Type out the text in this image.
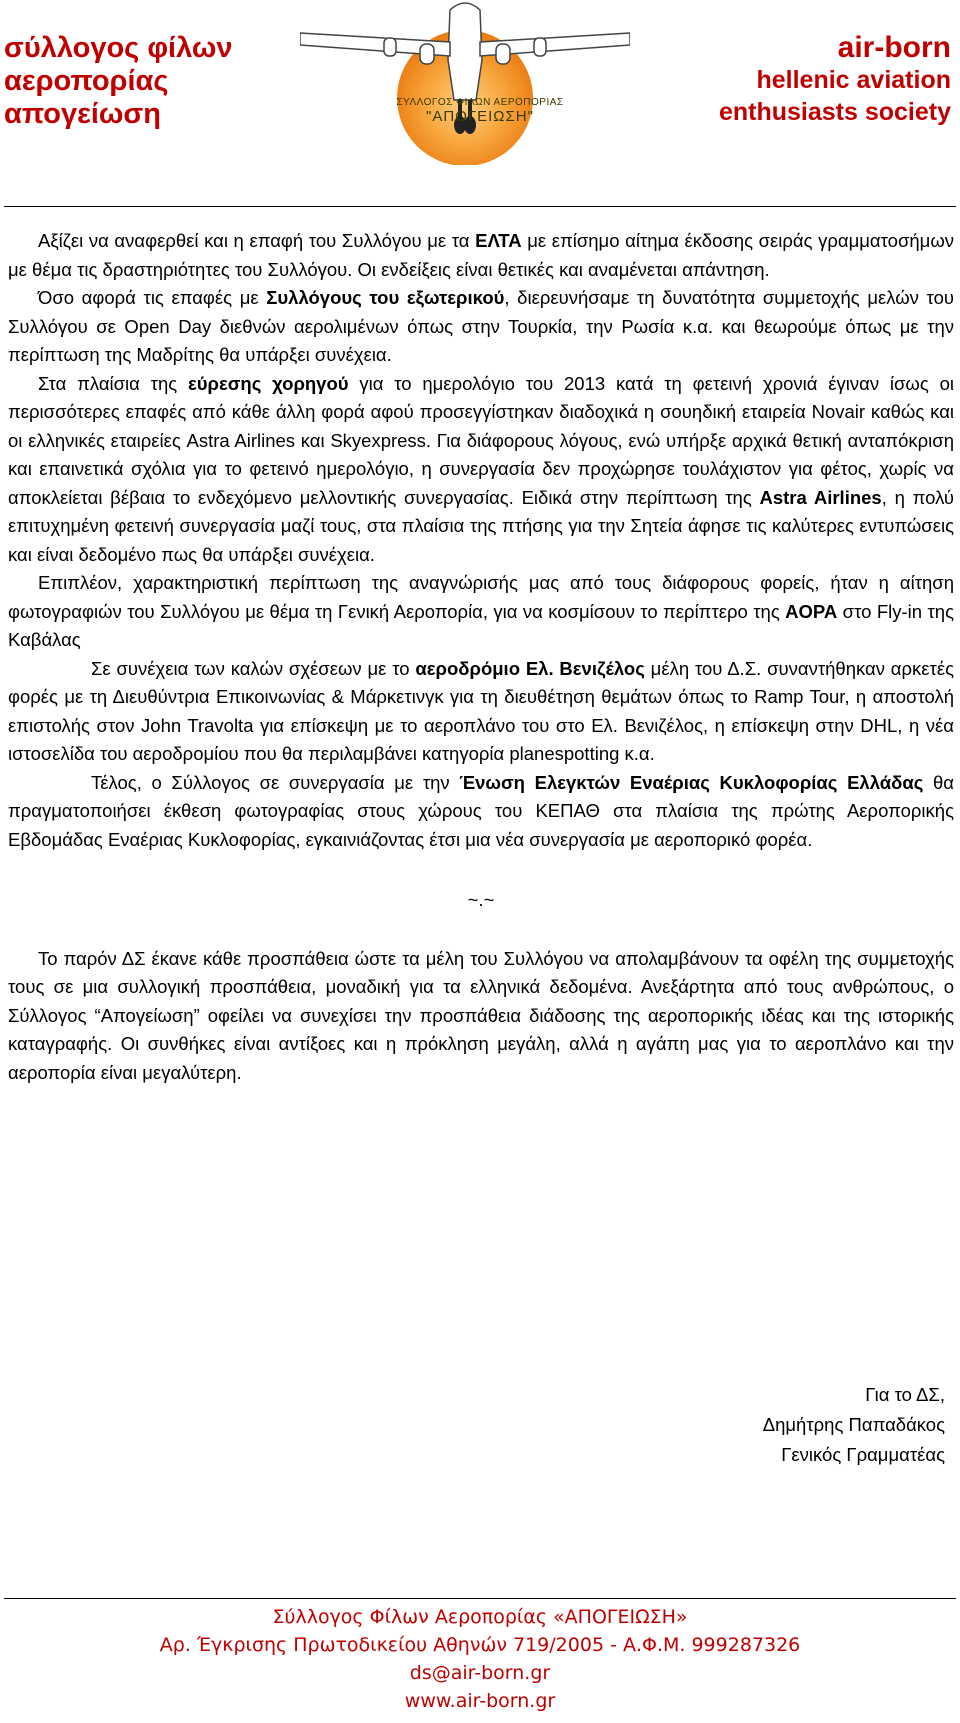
σύλλογος φίλων
αεροπορίας
απογείωση	ΣΥΛΛΟΓΟΣ ΦΙΛΩΝ ΑΕΡΟΠΟΡΙΑΣ
"ΑΠΟΓΕΙΩΣΗ"
air-born
hellenic aviation
enthusiasts society

Αξίζει να αναφερθεί και η επαφή του Συλλόγου με τα ΕΛΤΑ με επίσημο αίτημα έκδοσης σειράς γραμματοσήμων με θέμα τις δραστηριότητες του Συλλόγου. Οι ενδείξεις είναι θετικές και αναμένεται απάντηση.

Όσο αφορά τις επαφές με Συλλόγους του εξωτερικού, διερευνήσαμε τη δυνατότητα συμμετοχής μελών του Συλλόγου σε Open Day διεθνών αερολιμένων όπως στην Τουρκία, την Ρωσία κ.α. και θεωρούμε όπως με την περίπτωση της Μαδρίτης θα υπάρξει συνέχεια.

Στα πλαίσια της εύρεσης χορηγού για το ημερολόγιο του 2013 κατά τη φετεινή χρονιά έγιναν ίσως οι περισσότερες επαφές από κάθε άλλη φορά αφού προσεγγίστηκαν διαδοχικά η σουηδική εταιρεία Novair καθώς και οι ελληνικές εταιρείες Astra Airlines και Skyexpress. Για διάφορους λόγους, ενώ υπήρξε αρχικά θετική ανταπόκριση και επαινετικά σχόλια για το φετεινό ημερολόγιο, η συνεργασία δεν προχώρησε τουλάχιστον για φέτος, χωρίς να αποκλείεται βέβαια το ενδεχόμενο μελλοντικής συνεργασίας. Ειδικά στην περίπτωση της Astra Airlines, η πολύ επιτυχημένη φετεινή συνεργασία μαζί τους, στα πλαίσια της πτήσης για την Σητεία άφησε τις καλύτερες εντυπώσεις και είναι δεδομένο πως θα υπάρξει συνέχεια.

Επιπλέον, χαρακτηριστική περίπτωση της αναγνώρισής μας από τους διάφορους φορείς, ήταν η αίτηση φωτογραφιών του Συλλόγου με θέμα τη Γενική Αεροπορία, για να κοσμίσουν το περίπτερο της AOPA στο Fly-in της Καβάλας

Σε συνέχεια των καλών σχέσεων με το αεροδρόμιο Ελ. Βενιζέλος μέλη του Δ.Σ. συναντήθηκαν αρκετές φορές με τη Διευθύντρια Επικοινωνίας & Μάρκετινγκ για τη διευθέτηση θεμάτων όπως το Ramp Tour, η αποστολή επιστολής στον John Travolta για επίσκεψη με το αεροπλάνο του στο Ελ. Βενιζέλος, η επίσκεψη στην DHL, η νέα ιστοσελίδα του αεροδρομίου που θα περιλαμβάνει κατηγορία planespotting κ.α.

Τέλος, ο Σύλλογος σε συνεργασία με την Ένωση Ελεγκτών Εναέριας Κυκλοφορίας Ελλάδας θα πραγματοποιήσει έκθεση φωτογραφίας στους χώρους του ΚΕΠΑΘ στα πλαίσια της πρώτης Αεροπορικής Εβδομάδας Εναέριας Κυκλοφορίας, εγκαινιάζοντας έτσι μια νέα συνεργασία με αεροπορικό φορέα.

~.~

Το παρόν ΔΣ έκανε κάθε προσπάθεια ώστε τα μέλη του Συλλόγου να απολαμβάνουν τα οφέλη της συμμετοχής τους σε μια συλλογική προσπάθεια, μοναδική για τα ελληνικά δεδομένα. Ανεξάρτητα από τους ανθρώπους, ο Σύλλογος “Απογείωση” οφείλει να συνεχίσει την προσπάθεια διάδοσης της αεροπορικής ιδέας και της ιστορικής καταγραφής. Οι συνθήκες είναι αντίξοες και η πρόκληση μεγάλη, αλλά η αγάπη μας για το αεροπλάνο και την αεροπορία είναι μεγαλύτερη.

Για το ΔΣ,
Δημήτρης Παπαδάκος
Γενικός Γραμματέας
Σύλλογος Φίλων Αεροπορίας «ΑΠΟΓΕΙΩΣΗ»
Αρ. Έγκρισης Πρωτοδικείου Αθηνών 719/2005 - Α.Φ.Μ. 999287326
ds@air-born.gr
www.air-born.gr
